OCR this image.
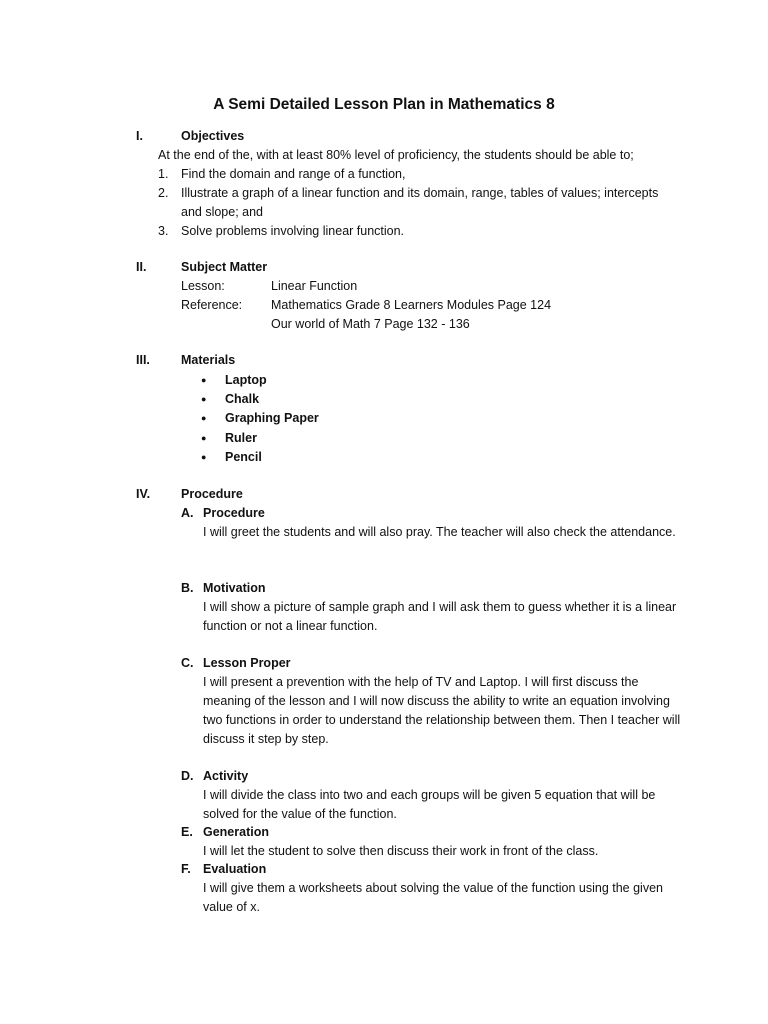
A Semi Detailed Lesson Plan in Mathematics 8
I.	Objectives
At the end of the, with at least 80% level of proficiency, the students should be able to;
1. Find the domain and range of a function,
2. Illustrate a graph of a linear function and its domain, range, tables of values; intercepts and slope; and
3. Solve problems involving linear function.
II.	Subject Matter
Lesson:	Linear Function
Reference: Mathematics Grade 8 Learners Modules Page 124
Our world of Math 7 Page 132 - 136
III. Materials
● Laptop
● Chalk
● Graphing Paper
● Ruler
● Pencil
IV. Procedure
A. Procedure
I will greet the students and will also pray. The teacher will also check the attendance.
B. Motivation
I will show a picture of sample graph and I will ask them to guess whether it is a linear function or not a linear function.
C. Lesson Proper
I will present a prevention with the help of TV and Laptop. I will first discuss the meaning of the lesson and I will now discuss the ability to write an equation involving two functions in order to understand the relationship between them. Then I teacher will discuss it step by step.
D. Activity
I will divide the class into two and each groups will be given 5 equation that will be solved for the value of the function.
E. Generation
I will let the student to solve then discuss their work in front of the class.
F. Evaluation
I will give them a worksheets about solving the value of the function using the given value of x.
